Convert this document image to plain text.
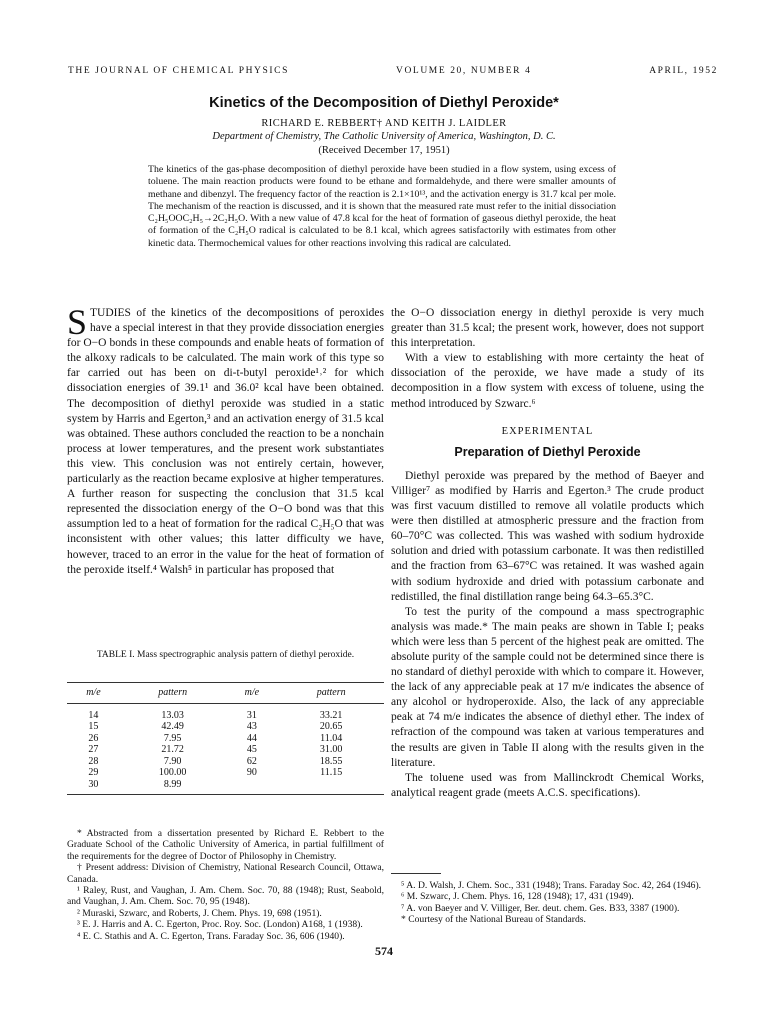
THE JOURNAL OF CHEMICAL PHYSICS	VOLUME 20, NUMBER 4	APRIL, 1952
Kinetics of the Decomposition of Diethyl Peroxide*
RICHARD E. REBBERT† AND KEITH J. LAIDLER
Department of Chemistry, The Catholic University of America, Washington, D. C.
(Received December 17, 1951)
The kinetics of the gas-phase decomposition of diethyl peroxide have been studied in a flow system, using excess of toluene. The main reaction products were found to be ethane and formaldehyde, and there were smaller amounts of methane and dibenzyl. The frequency factor of the reaction is 2.1×10¹³, and the activation energy is 31.7 kcal per mole. The mechanism of the reaction is discussed, and it is shown that the measured rate must refer to the initial dissociation C₂H₅OOC₂H₅→2C₂H₅O. With a new value of 47.8 kcal for the heat of formation of gaseous diethyl peroxide, the heat of formation of the C₂H₅O radical is calculated to be 8.1 kcal, which agrees satisfactorily with estimates from other kinetic data. Thermochemical values for other reactions involving this radical are calculated.

STUDIES of the kinetics of the decompositions of peroxides have a special interest in that they provide dissociation energies for O−O bonds in these compounds and enable heats of formation of the alkoxy radicals to be calculated. The main work of this type so far carried out has been on di-t-butyl peroxide¹˒² for which dissociation energies of 39.1¹ and 36.0² kcal have been obtained. The decomposition of diethyl peroxide was studied in a static system by Harris and Egerton,³ and an activation energy of 31.5 kcal was obtained. These authors concluded the reaction to be a nonchain process at lower temperatures, and the present work substantiates this view. This conclusion was not entirely certain, however, particularly as the reaction became explosive at higher temperatures. A further reason for suspecting the conclusion that 31.5 kcal represented the dissociation energy of the O−O bond was that this assumption led to a heat of formation for the radical C₂H₅O that was inconsistent with other values; this latter difficulty we have, however, traced to an error in the value for the heat of formation of the peroxide itself.⁴ Walsh⁵ in particular has proposed that

TABLE I. Mass spectrographic analysis pattern of diethyl peroxide.
m/e	pattern	m/e	pattern
14	13.03	31	33.21
15	42.49	43	20.65
26	7.95	44	11.04
27	21.72	45	31.00
28	7.90	62	18.55
29	100.00	90	11.15
30	8.99		

* Abstracted from a dissertation presented by Richard E. Rebbert to the Graduate School of the Catholic University of America, in partial fulfillment of the requirements for the degree of Doctor of Philosophy in Chemistry.

† Present address: Division of Chemistry, National Research Council, Ottawa, Canada.

¹ Raley, Rust, and Vaughan, J. Am. Chem. Soc. 70, 88 (1948); Rust, Seabold, and Vaughan, J. Am. Chem. Soc. 70, 95 (1948).

² Muraski, Szwarc, and Roberts, J. Chem. Phys. 19, 698 (1951).

³ E. J. Harris and A. C. Egerton, Proc. Roy. Soc. (London) A168, 1 (1938).

⁴ E. C. Stathis and A. C. Egerton, Trans. Faraday Soc. 36, 606 (1940).

the O−O dissociation energy in diethyl peroxide is very much greater than 31.5 kcal; the present work, however, does not support this interpretation.

With a view to establishing with more certainty the heat of dissociation of the peroxide, we have made a study of its decomposition in a flow system with excess of toluene, using the method introduced by Szwarc.⁶

EXPERIMENTAL
Preparation of Diethyl Peroxide

Diethyl peroxide was prepared by the method of Baeyer and Villiger⁷ as modified by Harris and Egerton.³ The crude product was first vacuum distilled to remove all volatile products which were then distilled at atmospheric pressure and the fraction from 60–70°C was collected. This was washed with sodium hydroxide solution and dried with potassium carbonate. It was then redistilled and the fraction from 63–67°C was retained. It was washed again with sodium hydroxide and dried with potassium carbonate and redistilled, the final distillation range being 64.3–65.3°C.

To test the purity of the compound a mass spectrographic analysis was made.* The main peaks are shown in Table I; peaks which were less than 5 percent of the highest peak are omitted. The absolute purity of the sample could not be determined since there is no standard of diethyl peroxide with which to compare it. However, the lack of any appreciable peak at 17 m/e indicates the absence of any alcohol or hydroperoxide. Also, the lack of any appreciable peak at 74 m/e indicates the absence of diethyl ether. The index of refraction of the compound was taken at various temperatures and the results are given in Table II along with the results given in the literature.

The toluene used was from Mallinckrodt Chemical Works, analytical reagent grade (meets A.C.S. specifications).

⁵ A. D. Walsh, J. Chem. Soc., 331 (1948); Trans. Faraday Soc. 42, 264 (1946).

⁶ M. Szwarc, J. Chem. Phys. 16, 128 (1948); 17, 431 (1949).

⁷ A. von Baeyer and V. Villiger, Ber. deut. chem. Ges. B33, 3387 (1900).

* Courtesy of the National Bureau of Standards.

574
